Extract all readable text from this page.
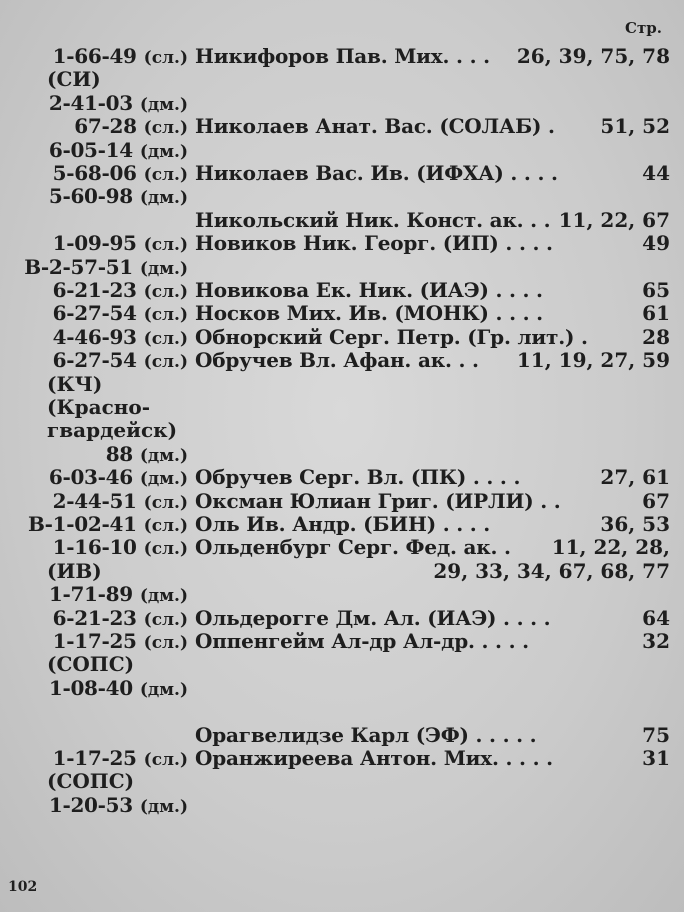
Стр.
1-66-49 (сл.) Никифоров Пав. Мих. . . . 26, 39, 75, 78
(СИ)
2-41-03 (дм.)
67-28 (сл.) Николаев Анат. Вас. (СОЛАБ) . 51, 52
6-05-14 (дм.)
5-68-06 (сл.) Николаев Вас. Ив. (ИФХА) . . . .	44
5-60-98 (дм.)
Никольский Ник. Конст. ак. . . 11, 22, 67
1-09-95 (сл.) Новиков Ник. Георг. (ИП) . . . .	49
В-2-57-51 (дм.)
6-21-23 (сл.) Новикова Ек. Ник. (ИАЭ) . . . .	65
6-27-54 (сл.) Носков Мих. Ив. (МОНК) . . . .	61
4-46-93 (сл.) Обнорский Серг. Петр. (Гр. лит.) .	28
6-27-54 (сл.) Обручев Вл. Афан. ак. . . 11, 19, 27, 59
(КЧ)
(Красно-
гвардейск)
88 (дм.)
6-03-46 (дм.) Обручев Серг. Вл. (ПК) . . . .	27, 61
2-44-51 (сл.) Оксман Юлиан Григ. (ИРЛИ) . .	67
В-1-02-41 (сл.) Оль Ив. Андр. (БИН) . . . .	36, 53
1-16-10 (сл.) Ольденбург Серг. Фед. ак. . 11, 22, 28,
(ИВ)	29, 33, 34, 67, 68, 77
1-71-89 (дм.)
6-21-23 (сл.) Ольдерогге Дм. Ал. (ИАЭ) . . . .	64
1-17-25 (сл.) Оппенгейм Ал-др Ал-др. . . . .	32
(СОПС)
1-08-40 (дм.)
Орагвелидзе Карл (ЭФ) . . . . .	75
1-17-25 (сл.) Оранжиреева Антон. Мих. . . . .	31
(СОПС)
1-20-53 (дм.)
102
